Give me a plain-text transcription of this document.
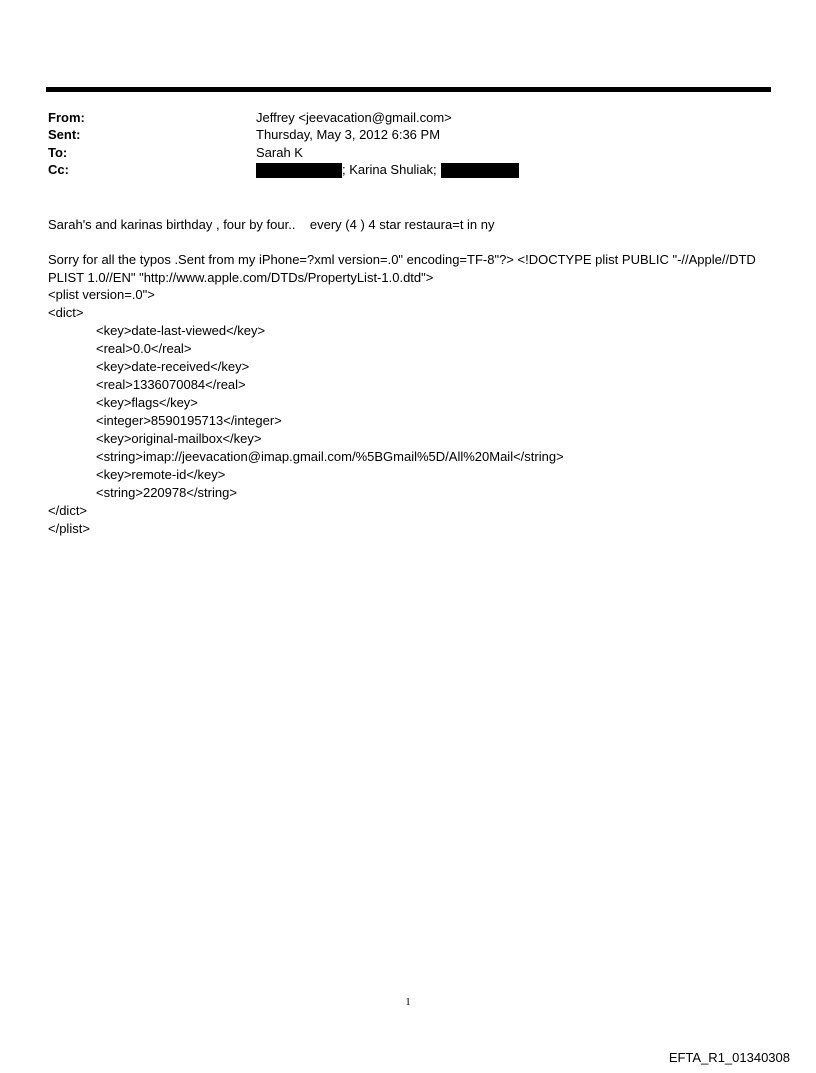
From:	Jeffrey <jeevacation@gmail.com>
Sent:	Thursday, May 3, 2012 6:36 PM
To:	Sarah K
Cc:	; Karina Shuliak;
Sarah's and karinas birthday , four by four..    every (4 ) 4 star restaura=t in ny
Sorry for all the typos .Sent from my iPhone=?xml version=.0" encoding=TF-8"?> <!DOCTYPE plist PUBLIC "-//Apple//DTD PLIST 1.0//EN" "http://www.apple.com/DTDs/PropertyList-1.0.dtd">
<plist version=.0">
<dict>
<key>date-last-viewed</key>
<real>0.0</real>
<key>date-received</key>
<real>1336070084</real>
<key>flags</key>
<integer>8590195713</integer>
<key>original-mailbox</key>
<string>imap://jeevacation@imap.gmail.com/%5BGmail%5D/All%20Mail</string>
<key>remote-id</key>
<string>220978</string>
</dict>
</plist>
1
EFTA_R1_01340308
